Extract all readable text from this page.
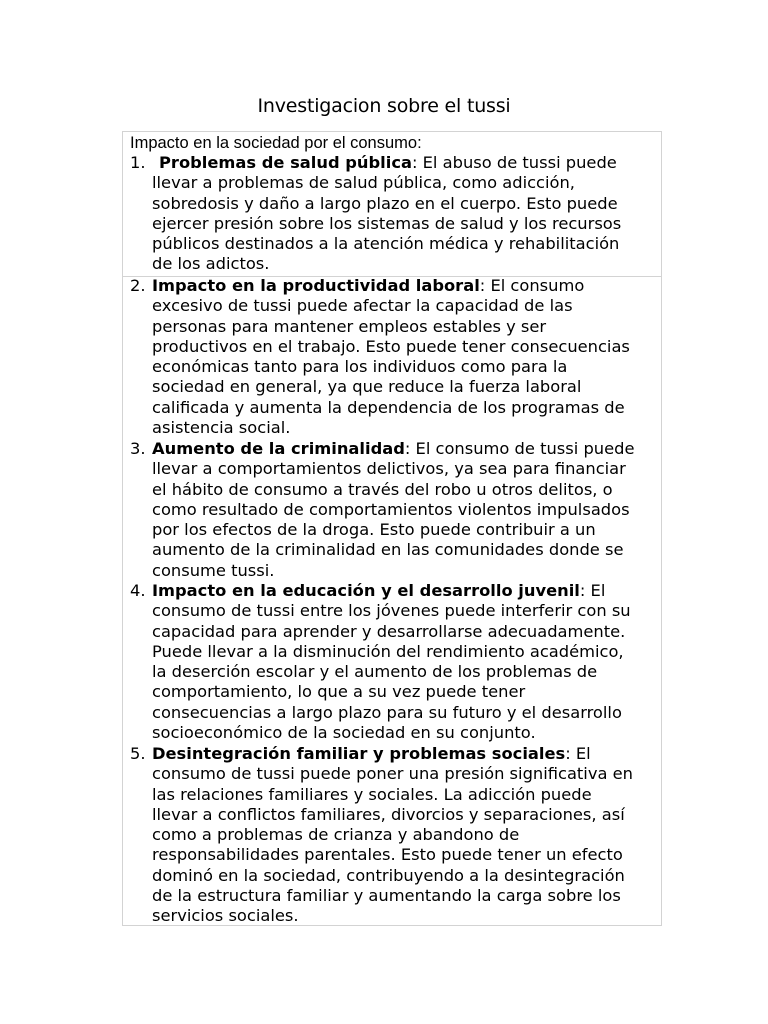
Investigacion sobre el tussi
Impacto en la sociedad por el consumo:
1. Problemas de salud pública: El abuso de tussi puede
llevar a problemas de salud pública, como adicción,
sobredosis y daño a largo plazo en el cuerpo. Esto puede
ejercer presión sobre los sistemas de salud y los recursos
públicos destinados a la atención médica y rehabilitación
de los adictos.
2. Impacto en la productividad laboral: El consumo
excesivo de tussi puede afectar la capacidad de las
personas para mantener empleos estables y ser
productivos en el trabajo. Esto puede tener consecuencias
económicas tanto para los individuos como para la
sociedad en general, ya que reduce la fuerza laboral
calificada y aumenta la dependencia de los programas de
asistencia social.
3. Aumento de la criminalidad: El consumo de tussi puede
llevar a comportamientos delictivos, ya sea para financiar
el hábito de consumo a través del robo u otros delitos, o
como resultado de comportamientos violentos impulsados
por los efectos de la droga. Esto puede contribuir a un
aumento de la criminalidad en las comunidades donde se
consume tussi.
4. Impacto en la educación y el desarrollo juvenil: El
consumo de tussi entre los jóvenes puede interferir con su
capacidad para aprender y desarrollarse adecuadamente.
Puede llevar a la disminución del rendimiento académico,
la deserción escolar y el aumento de los problemas de
comportamiento, lo que a su vez puede tener
consecuencias a largo plazo para su futuro y el desarrollo
socioeconómico de la sociedad en su conjunto.
5. Desintegración familiar y problemas sociales: El
consumo de tussi puede poner una presión significativa en
las relaciones familiares y sociales. La adicción puede
llevar a conflictos familiares, divorcios y separaciones, así
como a problemas de crianza y abandono de
responsabilidades parentales. Esto puede tener un efecto
dominó en la sociedad, contribuyendo a la desintegración
de la estructura familiar y aumentando la carga sobre los
servicios sociales.
